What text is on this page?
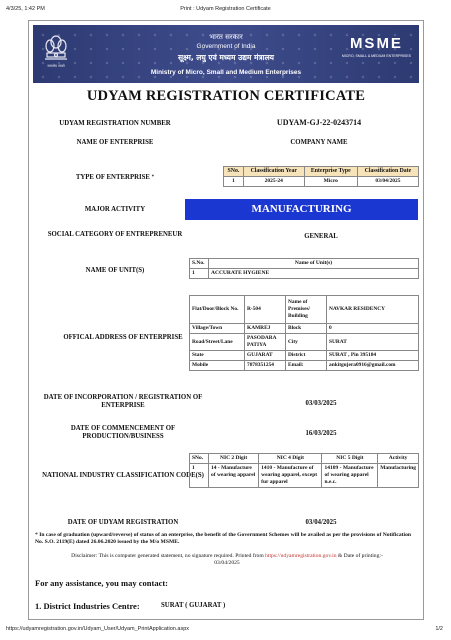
4/3/25, 1:42 PM	Print : Udyam Registration Certificate
https://udyamregistration.gov.in/Udyam_User/Udyam_PrintApplication.aspx	1/2
सत्यमेव जयते
भारत सरकार
Government of India
सूक्ष्म, लघु एवं मध्यम उद्यम मंत्रालय
Ministry of Micro, Small and Medium Enterprises
MSME
MICRO, SMALL & MEDIUM ENTERPRISES
UDYAM REGISTRATION CERTIFICATE
UDYAM REGISTRATION NUMBER	UDYAM-GJ-22-0243714
NAME OF ENTERPRISE	COMPANY NAME
TYPE OF ENTERPRISE *
SNo.	Classification Year	Enterprise Type	Classification Date
1	2025-24	Micro	03/04/2025
MAJOR ACTIVITY	MANUFACTURING
SOCIAL CATEGORY OF ENTREPRENEUR	GENERAL
NAME OF UNIT(S)
S.No.	Name of Unit(s)
1	ACCURATE HYGIENE
OFFICAL ADDRESS OF ENTERPRISE
Flat/Door/Block No.	R-504	Name of Premises/ Building	NAVKAR RESIDENCY
Village/Town	KAMREJ	Block	0
Road/Street/Lane	PASODARA PATIYA	City	SURAT
State	GUJARAT	District	SURAT , Pin 395184
Mobile	7878351254	Email:	ankitgujera0916@gmail.com
DATE OF INCORPORATION / REGISTRATION OF ENTERPRISE	03/03/2025
DATE OF COMMENCEMENT OF PRODUCTION/BUSINESS	16/03/2025
NATIONAL INDUSTRY CLASSIFICATION CODE(S)
SNo.	NIC 2 Digit	NIC 4 Digit	NIC 5 Digit	Activity
1	14 - Manufacture of wearing apparel	1410 - Manufacture of wearing apparel, except fur apparel	14109 - Manufacture of wearing apparel n.e.c.	Manufacturing
DATE OF UDYAM REGISTRATION	03/04/2025
* In case of graduation (upward/reverse) of status of an enterprise, the benefit of the Government Schemes will be availed as per the provisions of Notification No. S.O. 2119(E) dated 26.06.2020 issued by the M/o MSME.
Disclaimer: This is computer generated statement, no signature required. Printed from https://udyamregistration.gov.in & Date of printing:-
03/04/2025
For any assistance, you may contact:
1. District Industries Centre:	SURAT ( GUJARAT )
